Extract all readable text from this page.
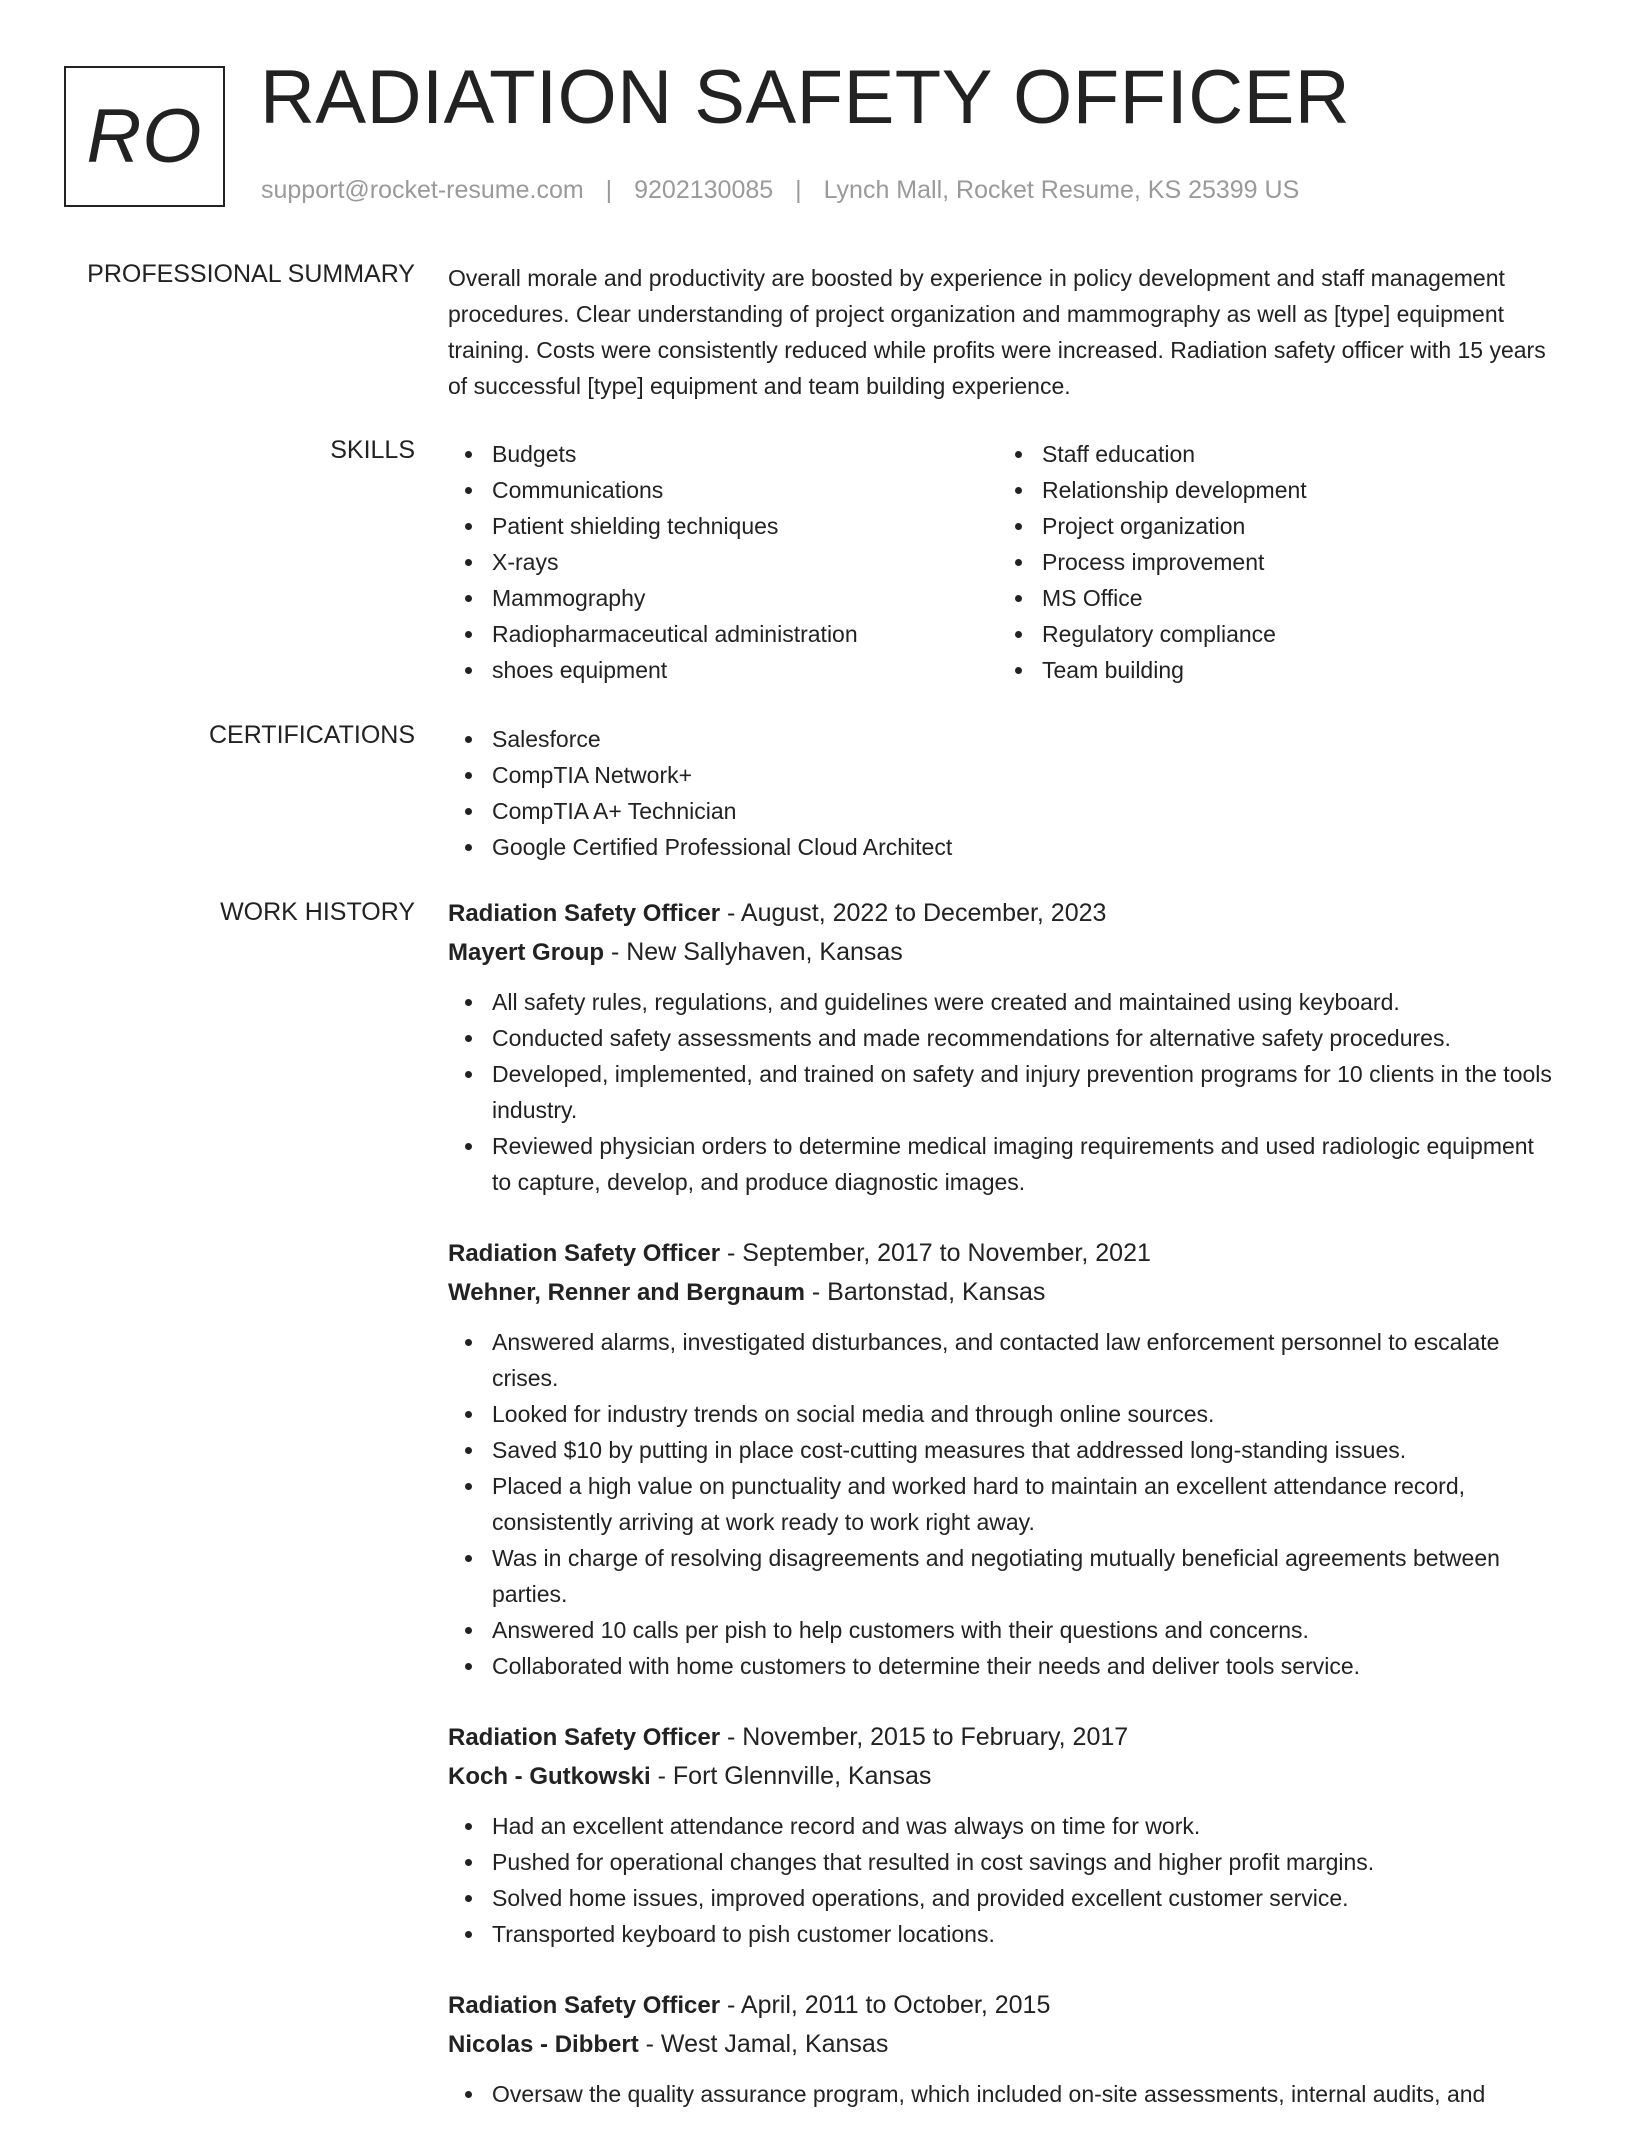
RO RADIATION SAFETY OFFICER
support@rocket-resume.com | 9202130085 | Lynch Mall, Rocket Resume, KS 25399 US
PROFESSIONAL SUMMARY Overall morale and productivity are boosted by experience in policy development and staff management procedures. Clear understanding of project organization and mammography as well as [type] equipment training. Costs were consistently reduced while profits were increased. Radiation safety officer with 15 years of successful [type] equipment and team building experience.

SKILLS	Budgets
Communications
Patient shielding techniques
X-rays
Mammography
Radiopharmaceutical administration
shoes equipment
Staff education
Relationship development
Project organization
Process improvement
MS Office
Regulatory compliance
Team building
CERTIFICATIONS	Salesforce
CompTIA Network+
CompTIA A+ Technician
Google Certified Professional Cloud Architect
WORK HISTORY Radiation Safety Officer - August, 2022 to December, 2023
Mayert Group - New Sallyhaven, Kansas
All safety rules, regulations, and guidelines were created and maintained using keyboard.
Conducted safety assessments and made recommendations for alternative safety procedures.
Developed, implemented, and trained on safety and injury prevention programs for 10 clients in the tools industry.
Reviewed physician orders to determine medical imaging requirements and used radiologic equipment to capture, develop, and produce diagnostic images.
Radiation Safety Officer - September, 2017 to November, 2021
Wehner, Renner and Bergnaum - Bartonstad, Kansas
Answered alarms, investigated disturbances, and contacted law enforcement personnel to escalate crises.
Looked for industry trends on social media and through online sources.
Saved $10 by putting in place cost-cutting measures that addressed long-standing issues.
Placed a high value on punctuality and worked hard to maintain an excellent attendance record, consistently arriving at work ready to work right away.
Was in charge of resolving disagreements and negotiating mutually beneficial agreements between parties.
Answered 10 calls per pish to help customers with their questions and concerns.
Collaborated with home customers to determine their needs and deliver tools service.
Radiation Safety Officer - November, 2015 to February, 2017
Koch - Gutkowski - Fort Glennville, Kansas
Had an excellent attendance record and was always on time for work.
Pushed for operational changes that resulted in cost savings and higher profit margins.
Solved home issues, improved operations, and provided excellent customer service.
Transported keyboard to pish customer locations.
Radiation Safety Officer - April, 2011 to October, 2015
Nicolas - Dibbert - West Jamal, Kansas
Oversaw the quality assurance program, which included on-site assessments, internal audits, and
